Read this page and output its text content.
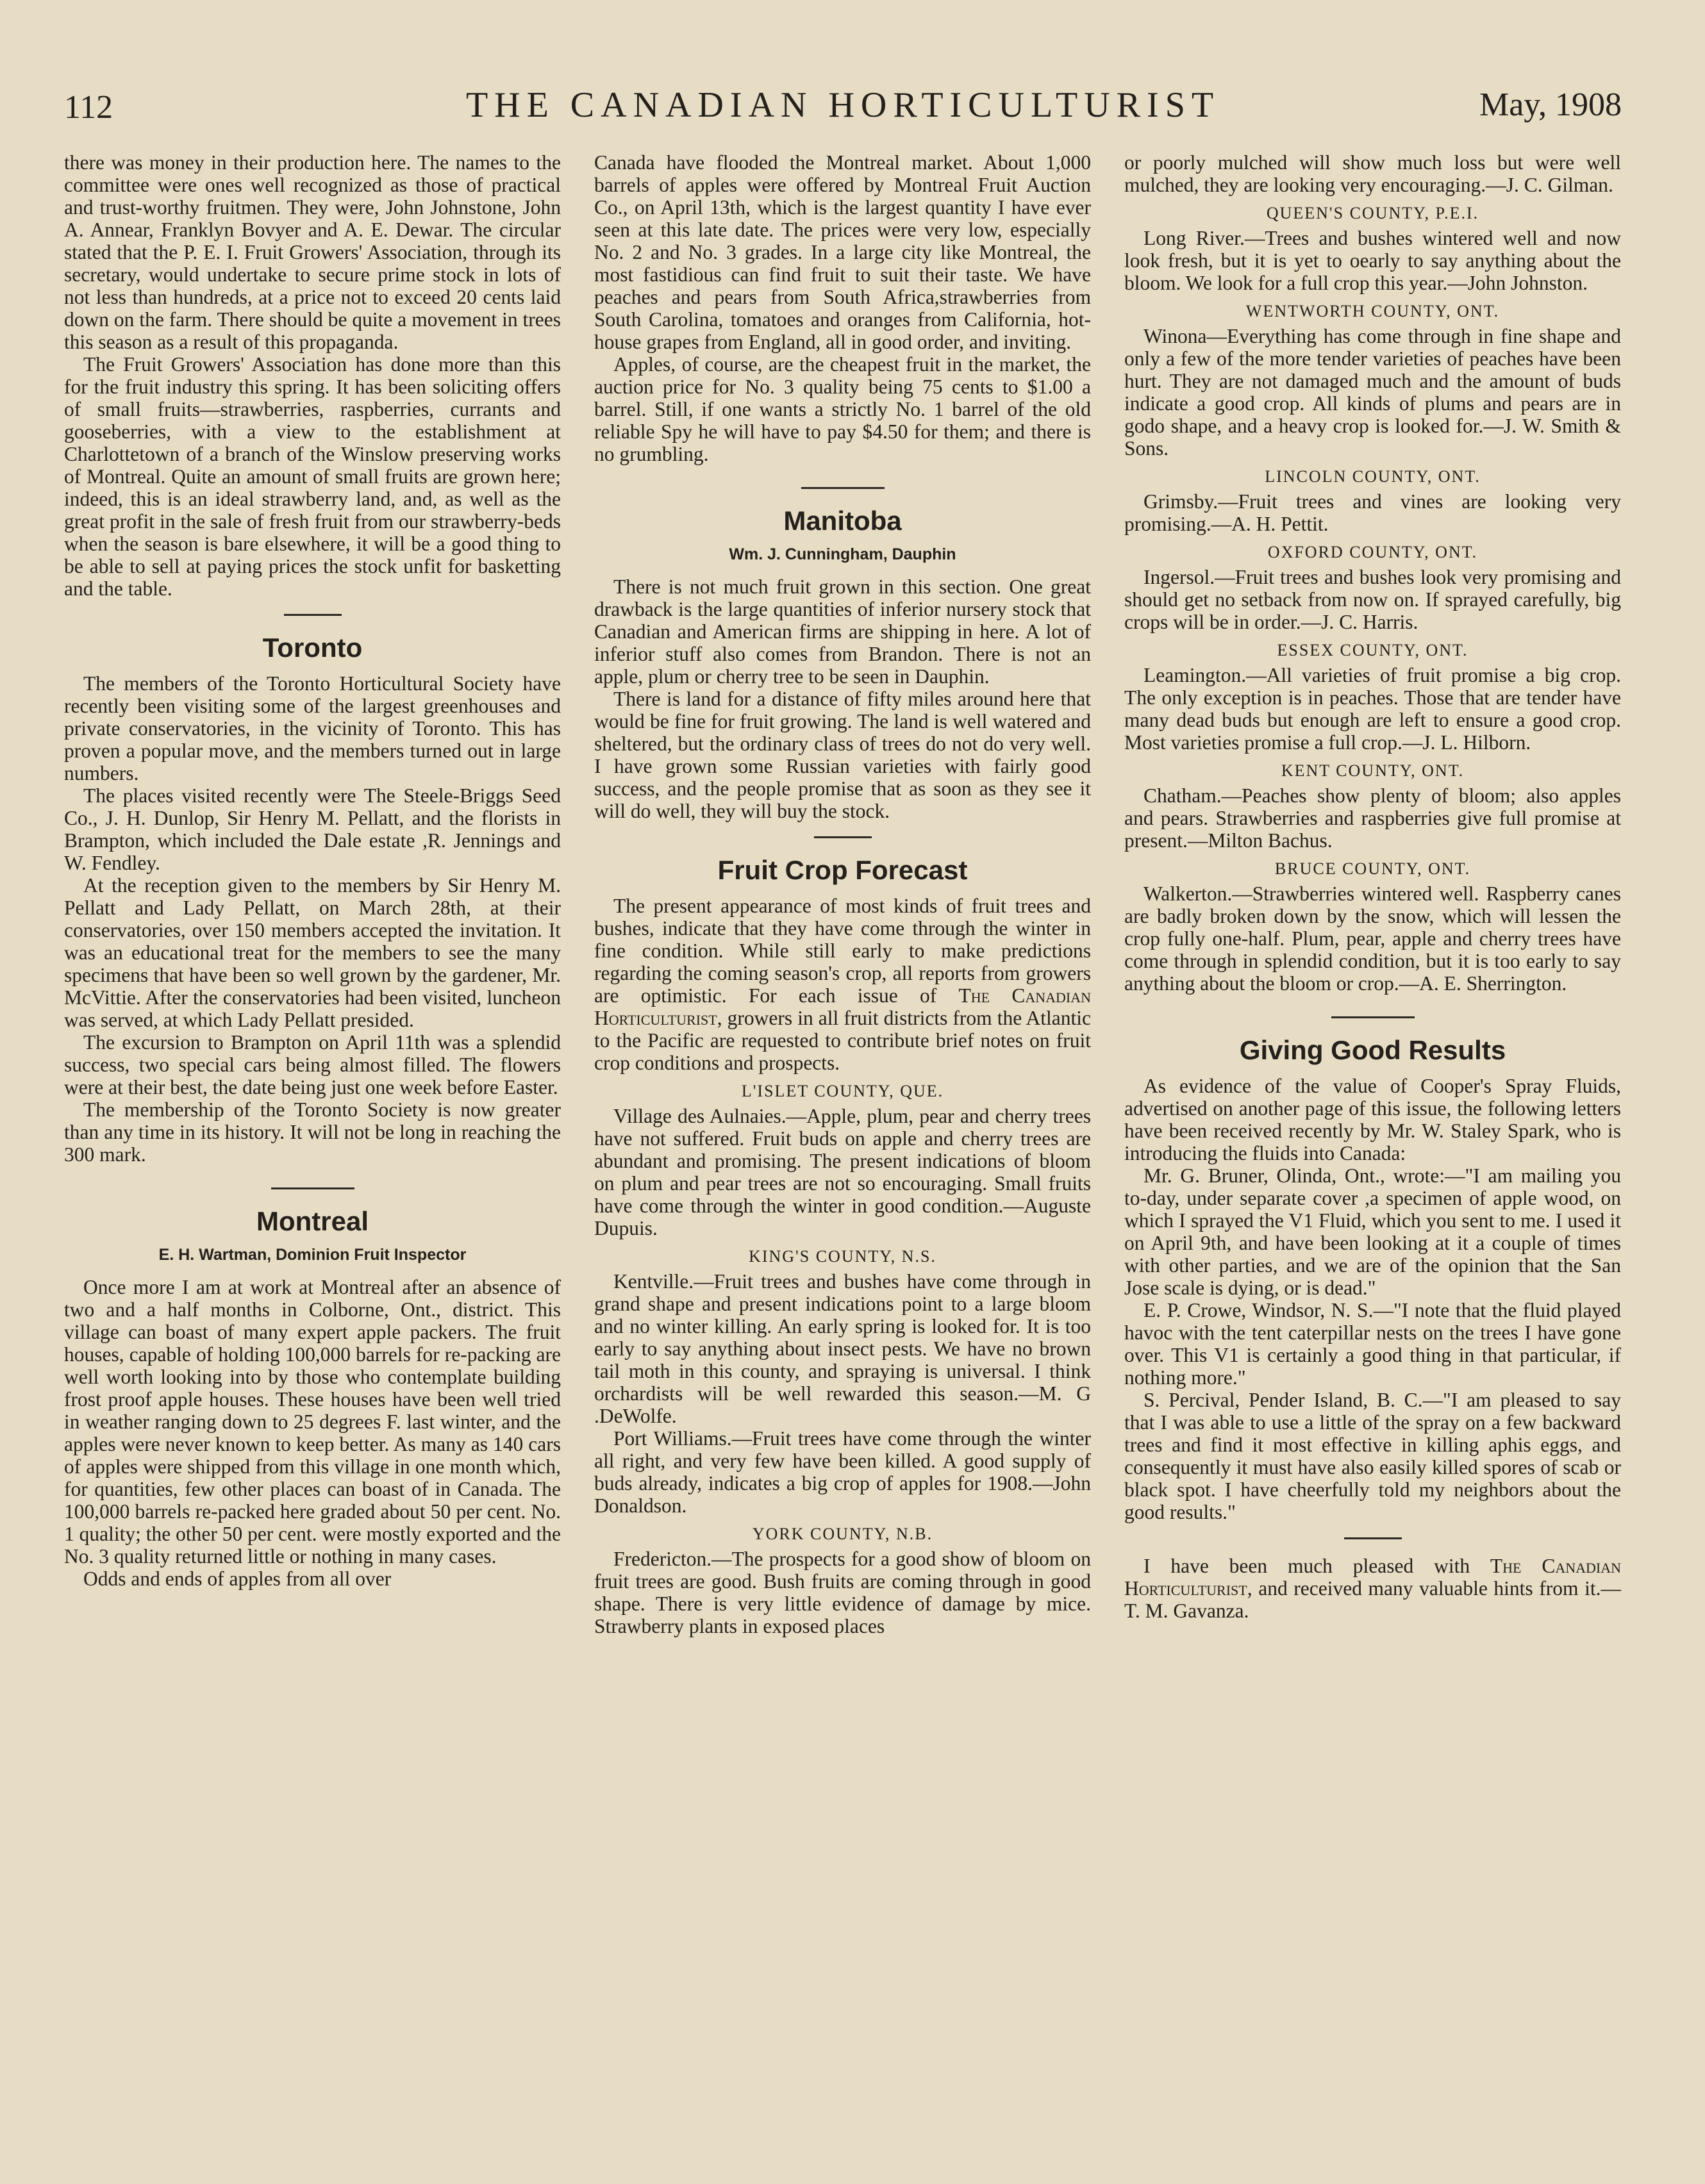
112	THE CANADIAN HORTICULTURIST	May, 1908

there was money in their production here. The names to the committee were ones well recognized as those of practical and trust-worthy fruitmen. They were, John Johnstone, John A. Annear, Franklyn Bovyer and A. E. Dewar. The circular stated that the P. E. I. Fruit Growers' Association, through its secretary, would undertake to secure prime stock in lots of not less than hundreds, at a price not to exceed 20 cents laid down on the farm. There should be quite a movement in trees this season as a result of this propaganda.

The Fruit Growers' Association has done more than this for the fruit industry this spring. It has been soliciting offers of small fruits—strawberries, raspberries, currants and gooseberries, with a view to the establishment at Charlottetown of a branch of the Winslow preserving works of Montreal. Quite an amount of small fruits are grown here; indeed, this is an ideal strawberry land, and, as well as the great profit in the sale of fresh fruit from our strawberry-beds when the season is bare elsewhere, it will be a good thing to be able to sell at paying prices the stock unfit for basketting and the table.

Toronto

The members of the Toronto Horticultural Society have recently been visiting some of the largest greenhouses and private conservatories, in the vicinity of Toronto. This has proven a popular move, and the members turned out in large numbers.

The places visited recently were The Steele-Briggs Seed Co., J. H. Dunlop, Sir Henry M. Pellatt, and the florists in Brampton, which included the Dale estate ,R. Jennings and W. Fendley.

At the reception given to the members by Sir Henry M. Pellatt and Lady Pellatt, on March 28th, at their conservatories, over 150 members accepted the invitation. It was an educational treat for the members to see the many specimens that have been so well grown by the gardener, Mr. McVittie. After the conservatories had been visited, luncheon was served, at which Lady Pellatt presided.

The excursion to Brampton on April 11th was a splendid success, two special cars being almost filled. The flowers were at their best, the date being just one week before Easter.

The membership of the Toronto Society is now greater than any time in its history. It will not be long in reaching the 300 mark.

Montreal
E. H. Wartman, Dominion Fruit Inspector

Once more I am at work at Montreal after an absence of two and a half months in Colborne, Ont., district. This village can boast of many expert apple packers. The fruit houses, capable of holding 100,000 barrels for re-packing are well worth looking into by those who contemplate building frost proof apple houses. These houses have been well tried in weather ranging down to 25 degrees F. last winter, and the apples were never known to keep better. As many as 140 cars of apples were shipped from this village in one month which, for quantities, few other places can boast of in Canada. The 100,000 barrels re-packed here graded about 50 per cent. No. 1 quality; the other 50 per cent. were mostly exported and the No. 3 quality returned little or nothing in many cases.

Odds and ends of apples from all over

Canada have flooded the Montreal market. About 1,000 barrels of apples were offered by Montreal Fruit Auction Co., on April 13th, which is the largest quantity I have ever seen at this late date. The prices were very low, especially No. 2 and No. 3 grades. In a large city like Montreal, the most fastidious can find fruit to suit their taste. We have peaches and pears from South Africa,strawberries from South Carolina, tomatoes and oranges from California, hot-house grapes from England, all in good order, and inviting.

Apples, of course, are the cheapest fruit in the market, the auction price for No. 3 quality being 75 cents to $1.00 a barrel. Still, if one wants a strictly No. 1 barrel of the old reliable Spy he will have to pay $4.50 for them; and there is no grumbling.

Manitoba
Wm. J. Cunningham, Dauphin

There is not much fruit grown in this section. One great drawback is the large quantities of inferior nursery stock that Canadian and American firms are shipping in here. A lot of inferior stuff also comes from Brandon. There is not an apple, plum or cherry tree to be seen in Dauphin.

There is land for a distance of fifty miles around here that would be fine for fruit growing. The land is well watered and sheltered, but the ordinary class of trees do not do very well. I have grown some Russian varieties with fairly good success, and the people promise that as soon as they see it will do well, they will buy the stock.

Fruit Crop Forecast

The present appearance of most kinds of fruit trees and bushes, indicate that they have come through the winter in fine condition. While still early to make predictions regarding the coming season's crop, all reports from growers are optimistic. For each issue of The Canadian Horticulturist, growers in all fruit districts from the Atlantic to the Pacific are requested to contribute brief notes on fruit crop conditions and prospects.

L'ISLET COUNTY, QUE.

Village des Aulnaies.—Apple, plum, pear and cherry trees have not suffered. Fruit buds on apple and cherry trees are abundant and promising. The present indications of bloom on plum and pear trees are not so encouraging. Small fruits have come through the winter in good condition.—Auguste Dupuis.

KING'S COUNTY, N.S.

Kentville.—Fruit trees and bushes have come through in grand shape and present indications point to a large bloom and no winter killing. An early spring is looked for. It is too early to say anything about insect pests. We have no brown tail moth in this county, and spraying is universal. I think orchardists will be well rewarded this season.—M. G .DeWolfe.

Port Williams.—Fruit trees have come through the winter all right, and very few have been killed. A good supply of buds already, indicates a big crop of apples for 1908.—John Donaldson.

YORK COUNTY, N.B.

Fredericton.—The prospects for a good show of bloom on fruit trees are good. Bush fruits are coming through in good shape. There is very little evidence of damage by mice. Strawberry plants in exposed places

or poorly mulched will show much loss but were well mulched, they are looking very encouraging.—J. C. Gilman.

QUEEN'S COUNTY, P.E.I.

Long River.—Trees and bushes wintered well and now look fresh, but it is yet to oearly to say anything about the bloom. We look for a full crop this year.—John Johnston.

WENTWORTH COUNTY, ONT.

Winona—Everything has come through in fine shape and only a few of the more tender varieties of peaches have been hurt. They are not damaged much and the amount of buds indicate a good crop. All kinds of plums and pears are in godo shape, and a heavy crop is looked for.—J. W. Smith & Sons.

LINCOLN COUNTY, ONT.

Grimsby.—Fruit trees and vines are looking very promising.—A. H. Pettit.

OXFORD COUNTY, ONT.

Ingersol.—Fruit trees and bushes look very promising and should get no setback from now on. If sprayed carefully, big crops will be in order.—J. C. Harris.

ESSEX COUNTY, ONT.

Leamington.—All varieties of fruit promise a big crop. The only exception is in peaches. Those that are tender have many dead buds but enough are left to ensure a good crop. Most varieties promise a full crop.—J. L. Hilborn.

KENT COUNTY, ONT.

Chatham.—Peaches show plenty of bloom; also apples and pears. Strawberries and raspberries give full promise at present.—Milton Bachus.

BRUCE COUNTY, ONT.

Walkerton.—Strawberries wintered well. Raspberry canes are badly broken down by the snow, which will lessen the crop fully one-half. Plum, pear, apple and cherry trees have come through in splendid condition, but it is too early to say anything about the bloom or crop.—A. E. Sherrington.

Giving Good Results

As evidence of the value of Cooper's Spray Fluids, advertised on another page of this issue, the following letters have been received recently by Mr. W. Staley Spark, who is introducing the fluids into Canada:

Mr. G. Bruner, Olinda, Ont., wrote:—"I am mailing you to-day, under separate cover ,a specimen of apple wood, on which I sprayed the V1 Fluid, which you sent to me. I used it on April 9th, and have been looking at it a couple of times with other parties, and we are of the opinion that the San Jose scale is dying, or is dead."

E. P. Crowe, Windsor, N. S.—"I note that the fluid played havoc with the tent caterpillar nests on the trees I have gone over. This V1 is certainly a good thing in that particular, if nothing more."

S. Percival, Pender Island, B. C.—"I am pleased to say that I was able to use a little of the spray on a few backward trees and find it most effective in killing aphis eggs, and consequently it must have also easily killed spores of scab or black spot. I have cheerfully told my neighbors about the good results."

I have been much pleased with The Canadian Horticulturist, and received many valuable hints from it.—T. M. Gavanza.
